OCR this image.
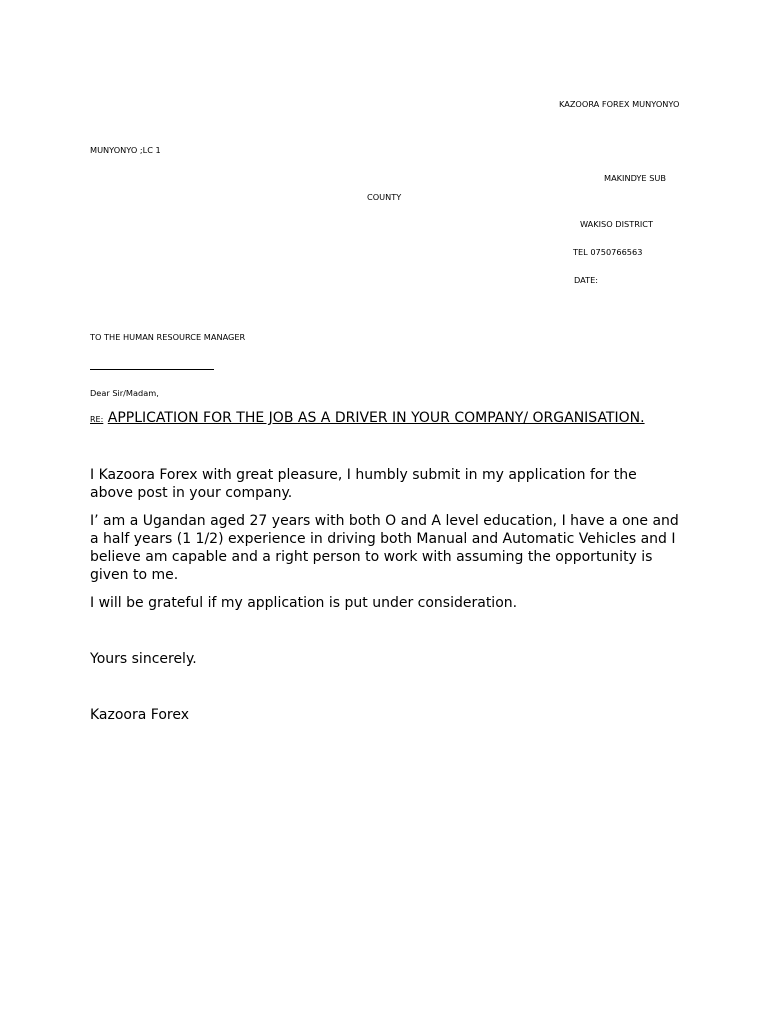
KAZOORA FOREX MUNYONYO
MUNYONYO ;LC 1
MAKINDYE SUB
COUNTY
WAKISO DISTRICT
TEL 0750766563
DATE:
TO THE HUMAN RESOURCE MANAGER
Dear Sir/Madam,
RE: APPLICATION FOR THE JOB AS A DRIVER IN YOUR COMPANY/ ORGANISATION.
I Kazoora Forex with great pleasure, I humbly submit in my application for the above post in your company.
I’ am a Ugandan aged 27 years with both O and A level education, I have a one and a half years (1 1/2) experience in driving both Manual and Automatic Vehicles and I believe am capable and a right person to work with assuming the opportunity is given to me.
I will be grateful if my application is put under consideration.
Yours sincerely.
Kazoora Forex
